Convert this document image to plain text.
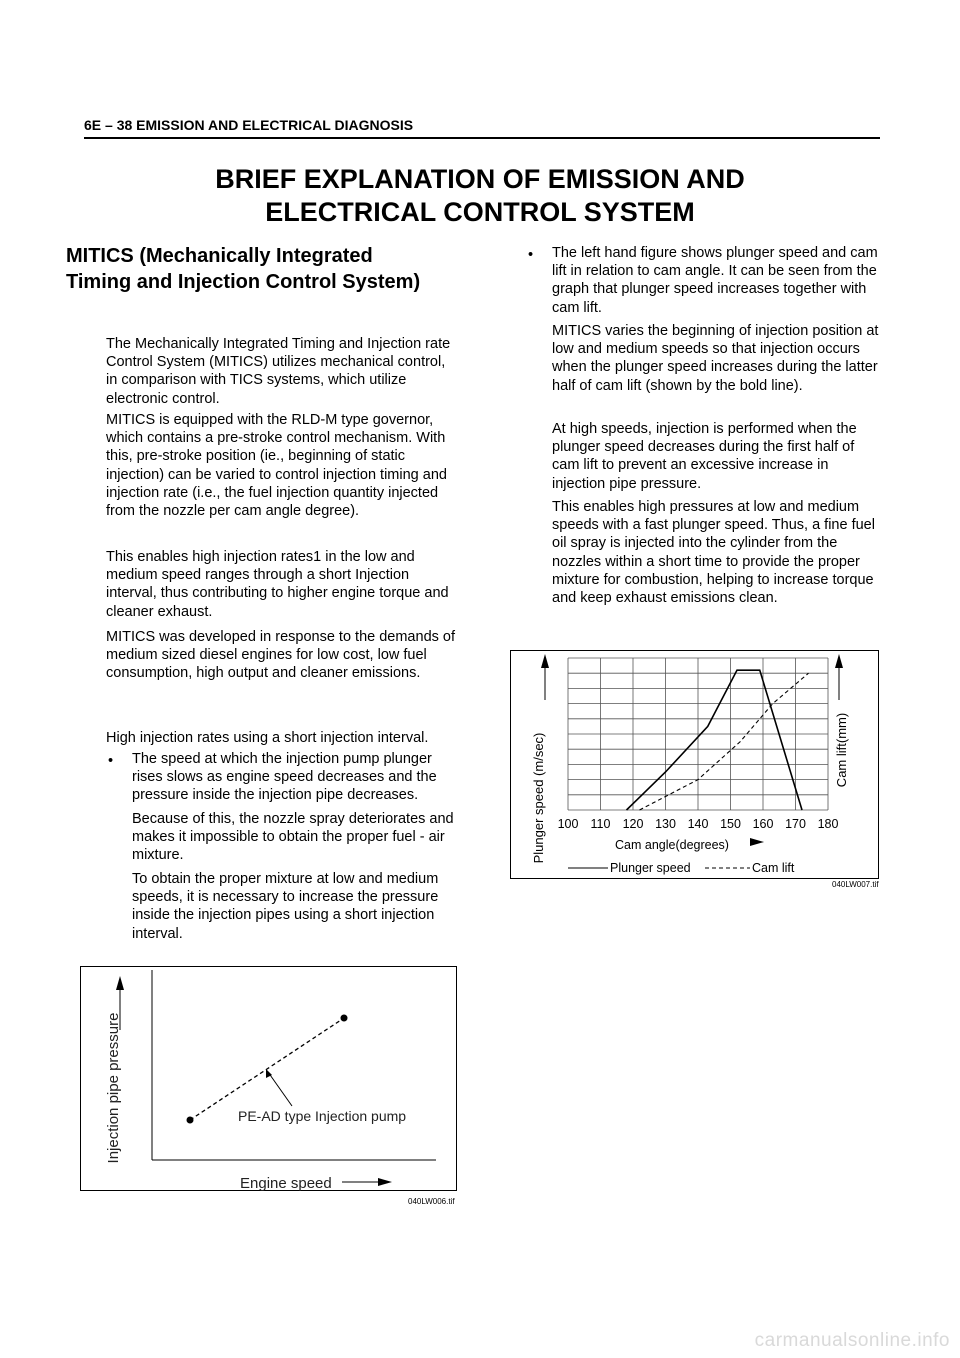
6E – 38 EMISSION AND ELECTRICAL DIAGNOSIS
BRIEF EXPLANATION OF EMISSION AND
ELECTRICAL CONTROL SYSTEM
MITICS (Mechanically Integrated Timing and Injection Control System)

The Mechanically Integrated Timing and Injection rate Control System (MITICS) utilizes mechanical control, in comparison with TICS systems, which utilize electronic control.

MITICS is equipped with the RLD-M type governor, which contains a pre-stroke control mechanism. With this, pre-stroke position (ie., beginning of static injection) can be varied to control injection timing and injection rate (i.e., the fuel injection quantity injected from the nozzle per cam angle degree).

This enables high injection rates1 in the low and medium speed ranges through a short Injection interval, thus contributing to higher engine torque and cleaner exhaust.

MITICS was developed in response to the demands of medium sized diesel engines for low cost, low fuel consumption, high output and cleaner emissions.

High injection rates using a short injection interval.

• The speed at which the injection pump plunger rises slows as engine speed decreases and the pressure inside the injection pipe decreases.

Because of this, the nozzle spray deteriorates and makes it impossible to obtain the proper fuel - air mixture.

To obtain the proper mixture at low and medium speeds, it is necessary to increase the pressure inside the injection pipes using a short injection interval.

• The left hand figure shows plunger speed and cam lift in relation to cam angle. It can be seen from the graph that plunger speed increases together with cam lift.

MITICS varies the beginning of injection position at low and medium speeds so that injection occurs when the plunger speed increases during the latter half of cam lift (shown by the bold line).

At high speeds, injection is performed when the plunger speed decreases during the first half of cam lift to prevent an excessive increase in injection pipe pressure.

This enables high pressures at low and medium speeds with a fast plunger speed. Thus, a fine fuel oil spray is injected into the cylinder from the nozzles within a short time to provide the proper mixture for combustion, helping to increase torque and keep exhaust emissions clean.

100 110 120 130 140 150 160 170 180
Plunger speed (m/sec)	Cam lift(mm)
Cam angle(degrees)
Plunger speed	Cam lift
040LW007.tif
Injection pipe pressure
Engine speed
PE-AD type Injection pump
040LW006.tif
carmanualsonline.info
